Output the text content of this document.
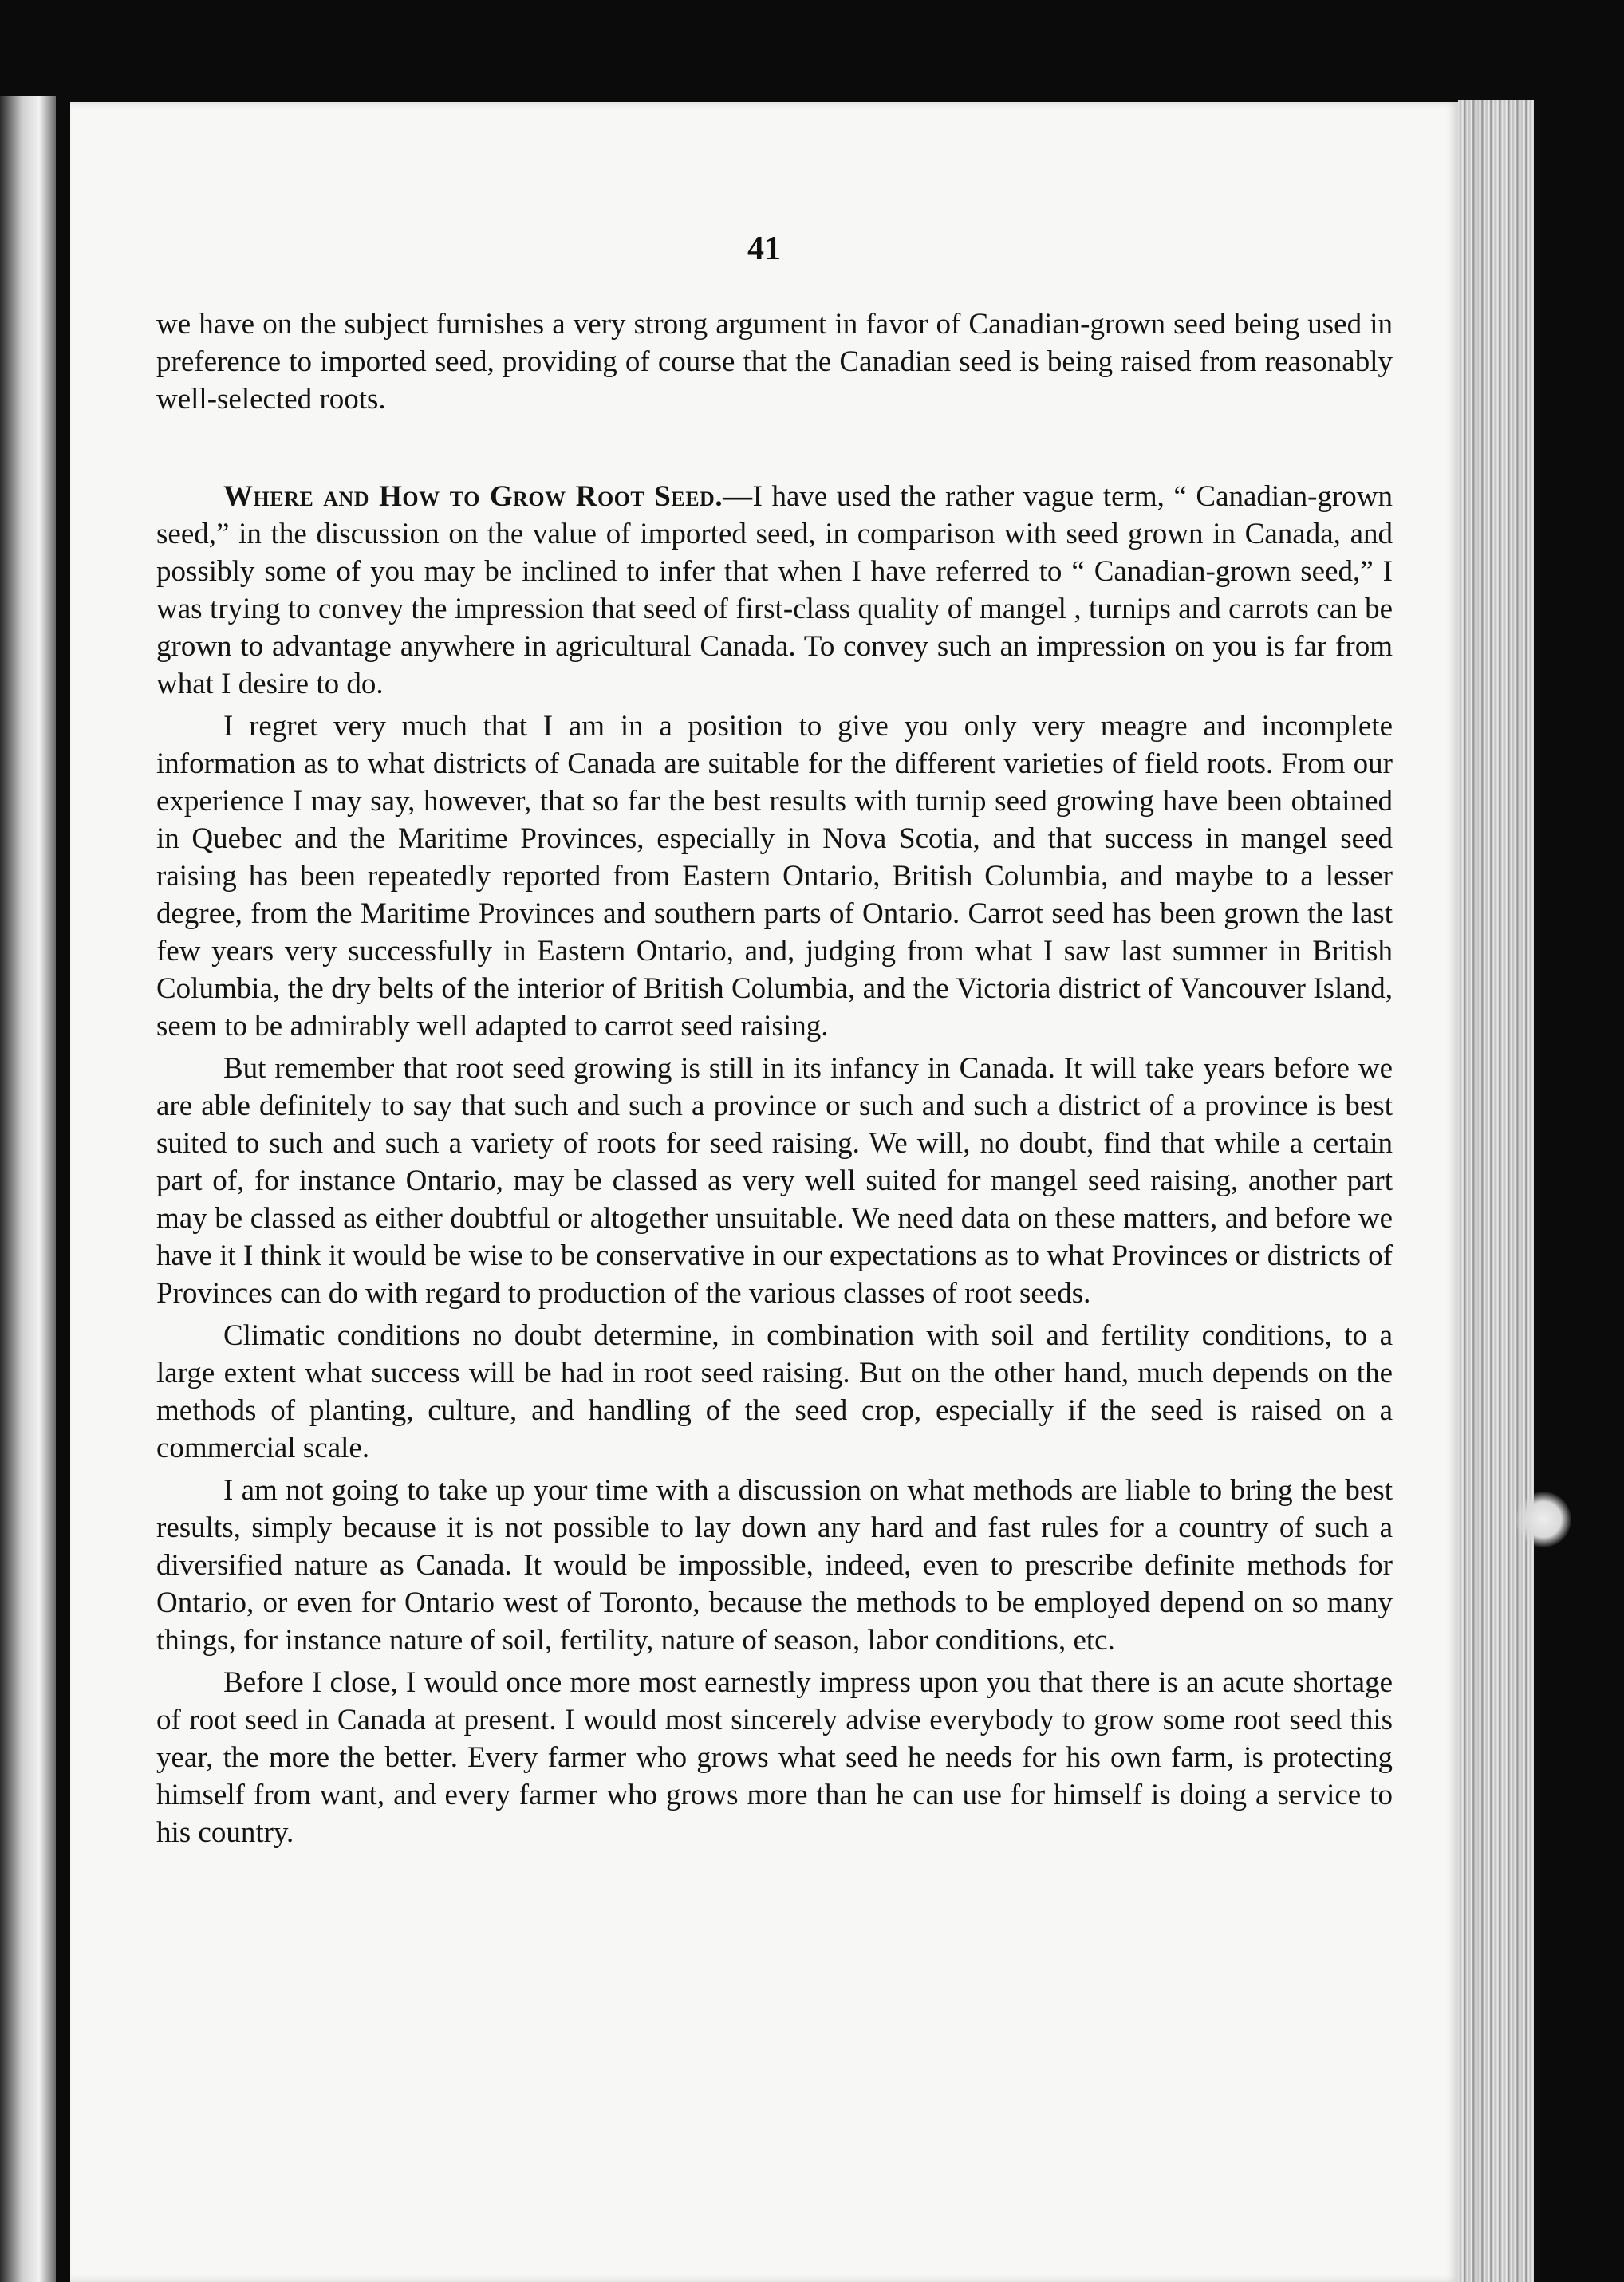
41

we have on the subject furnishes a very strong argument in favor of Canadian-grown seed being used in preference to imported seed, providing of course that the Canadian seed is being raised from reasonably well-selected roots.

Where and How to Grow Root Seed.—I have used the rather vague term, “ Canadian-grown seed,” in the discussion on the value of imported seed, in comparison with seed grown in Canada, and possibly some of you may be inclined to infer that when I have referred to “ Canadian-grown seed,” I was trying to convey the impression that seed of first-class quality of mangel , turnips and carrots can be grown to advantage anywhere in agricultural Canada. To convey such an impression on you is far from what I desire to do.

I regret very much that I am in a position to give you only very meagre and incomplete information as to what districts of Canada are suitable for the different varieties of field roots. From our experience I may say, however, that so far the best results with turnip seed growing have been obtained in Quebec and the Maritime Provinces, especially in Nova Scotia, and that success in mangel seed raising has been repeatedly reported from Eastern Ontario, British Columbia, and maybe to a lesser degree, from the Maritime Provinces and southern parts of Ontario. Carrot seed has been grown the last few years very successfully in Eastern Ontario, and, judging from what I saw last summer in British Columbia, the dry belts of the interior of British Columbia, and the Victoria district of Vancouver Island, seem to be admirably well adapted to carrot seed raising.

But remember that root seed growing is still in its infancy in Canada. It will take years before we are able definitely to say that such and such a province or such and such a district of a province is best suited to such and such a variety of roots for seed raising. We will, no doubt, find that while a certain part of, for instance Ontario, may be classed as very well suited for mangel seed raising, another part may be classed as either doubtful or altogether unsuitable. We need data on these matters, and before we have it I think it would be wise to be conservative in our expectations as to what Provinces or districts of Provinces can do with regard to production of the various classes of root seeds.

Climatic conditions no doubt determine, in combination with soil and fertility conditions, to a large extent what success will be had in root seed raising. But on the other hand, much depends on the methods of planting, culture, and handling of the seed crop, especially if the seed is raised on a commercial scale.

I am not going to take up your time with a discussion on what methods are liable to bring the best results, simply because it is not possible to lay down any hard and fast rules for a country of such a diversified nature as Canada. It would be impossible, indeed, even to prescribe definite methods for Ontario, or even for Ontario west of Toronto, because the methods to be employed depend on so many things, for instance nature of soil, fertility, nature of season, labor conditions, etc.

Before I close, I would once more most earnestly impress upon you that there is an acute shortage of root seed in Canada at present. I would most sincerely advise everybody to grow some root seed this year, the more the better. Every farmer who grows what seed he needs for his own farm, is protecting himself from want, and every farmer who grows more than he can use for himself is doing a service to his country.
